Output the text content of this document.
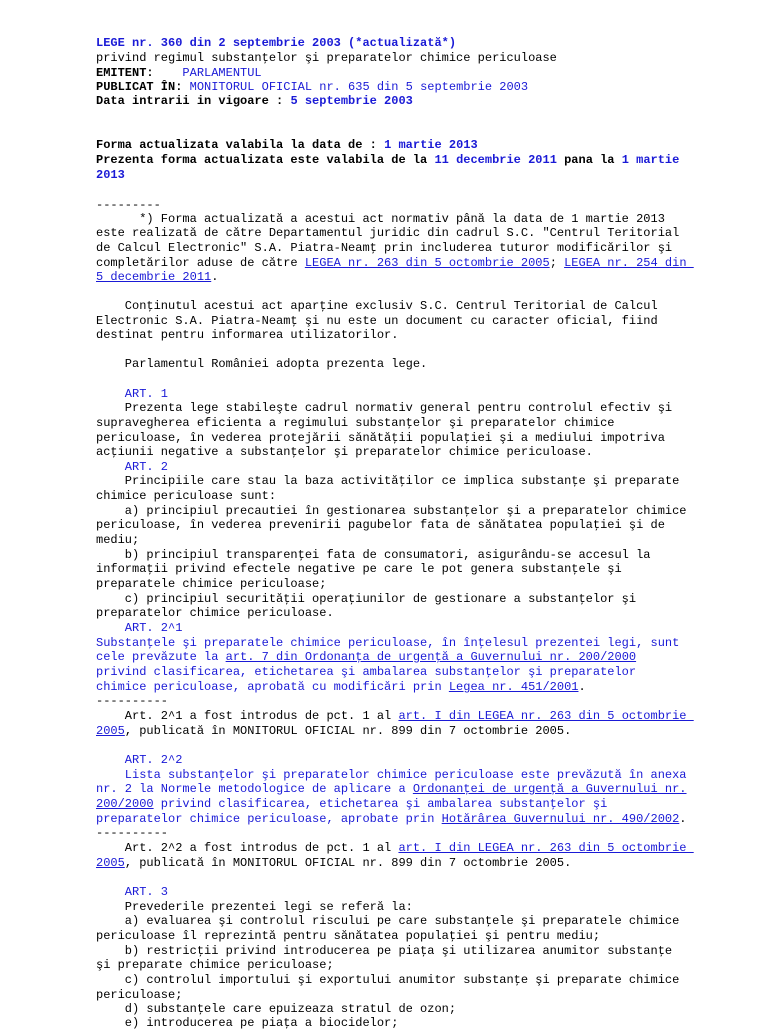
LEGE nr. 360 din 2 septembrie 2003 (*actualizată*)
privind regimul substanţelor şi preparatelor chimice periculoase
EMITENT: PARLAMENTUL
PUBLICAT ÎN: MONITORUL OFICIAL nr. 635 din 5 septembrie 2003
Data intrarii in vigoare : 5 septembrie 2003
Forma actualizata valabila la data de : 1 martie 2013
Prezenta forma actualizata este valabila de la 11 decembrie 2011 pana la 1 martie
2013
---------
*) Forma actualizată a acestui act normativ până la data de 1 martie 2013
este realizată de către Departamentul juridic din cadrul S.C. "Centrul Teritorial
de Calcul Electronic" S.A. Piatra-Neamţ prin includerea tuturor modificărilor şi
completărilor aduse de către LEGEA nr. 263 din 5 octombrie 2005; LEGEA nr. 254 din
5 decembrie 2011.
Conţinutul acestui act aparţine exclusiv S.C. Centrul Teritorial de Calcul
Electronic S.A. Piatra-Neamţ şi nu este un document cu caracter oficial, fiind
destinat pentru informarea utilizatorilor.
Parlamentul României adopta prezenta lege.
ART. 1
Prezenta lege stabileşte cadrul normativ general pentru controlul efectiv şi
supravegherea eficienta a regimului substanţelor şi preparatelor chimice
periculoase, în vederea protejării sănătăţii populaţiei şi a mediului impotriva
acţiunii negative a substanţelor şi preparatelor chimice periculoase.
ART. 2
Principiile care stau la baza activităţilor ce implica substanţe şi preparate
chimice periculoase sunt:
a) principiul precautiei în gestionarea substanţelor şi a preparatelor chimice
periculoase, în vederea prevenirii pagubelor fata de sănătatea populaţiei şi de
mediu;
b) principiul transparenţei fata de consumatori, asigurându-se accesul la
informaţii privind efectele negative pe care le pot genera substanţele şi
preparatele chimice periculoase;
c) principiul securităţii operaţiunilor de gestionare a substanţelor şi
preparatelor chimice periculoase.
ART. 2^1
Substanţele şi preparatele chimice periculoase, în înţelesul prezentei legi, sunt
cele prevăzute la art. 7 din Ordonanţa de urgenţă a Guvernului nr. 200/2000
privind clasificarea, etichetarea şi ambalarea substanţelor şi preparatelor
chimice periculoase, aprobată cu modificări prin Legea nr. 451/2001.
----------
Art. 2^1 a fost introdus de pct. 1 al art. I din LEGEA nr. 263 din 5 octombrie
2005, publicată în MONITORUL OFICIAL nr. 899 din 7 octombrie 2005.
ART. 2^2
Lista substanţelor şi preparatelor chimice periculoase este prevăzută în anexa
nr. 2 la Normele metodologice de aplicare a Ordonanţei de urgenţă a Guvernului nr.
200/2000 privind clasificarea, etichetarea şi ambalarea substanţelor şi
preparatelor chimice periculoase, aprobate prin Hotărârea Guvernului nr. 490/2002.
----------
Art. 2^2 a fost introdus de pct. 1 al art. I din LEGEA nr. 263 din 5 octombrie
2005, publicată în MONITORUL OFICIAL nr. 899 din 7 octombrie 2005.
ART. 3
Prevederile prezentei legi se referă la:
a) evaluarea şi controlul riscului pe care substanţele şi preparatele chimice
periculoase îl reprezintă pentru sănătatea populaţiei şi pentru mediu;
b) restricţii privind introducerea pe piaţa şi utilizarea anumitor substanţe
şi preparate chimice periculoase;
c) controlul importului şi exportului anumitor substanţe şi preparate chimice
periculoase;
d) substanţele care epuizeaza stratul de ozon;
e) introducerea pe piaţa a biocidelor;
